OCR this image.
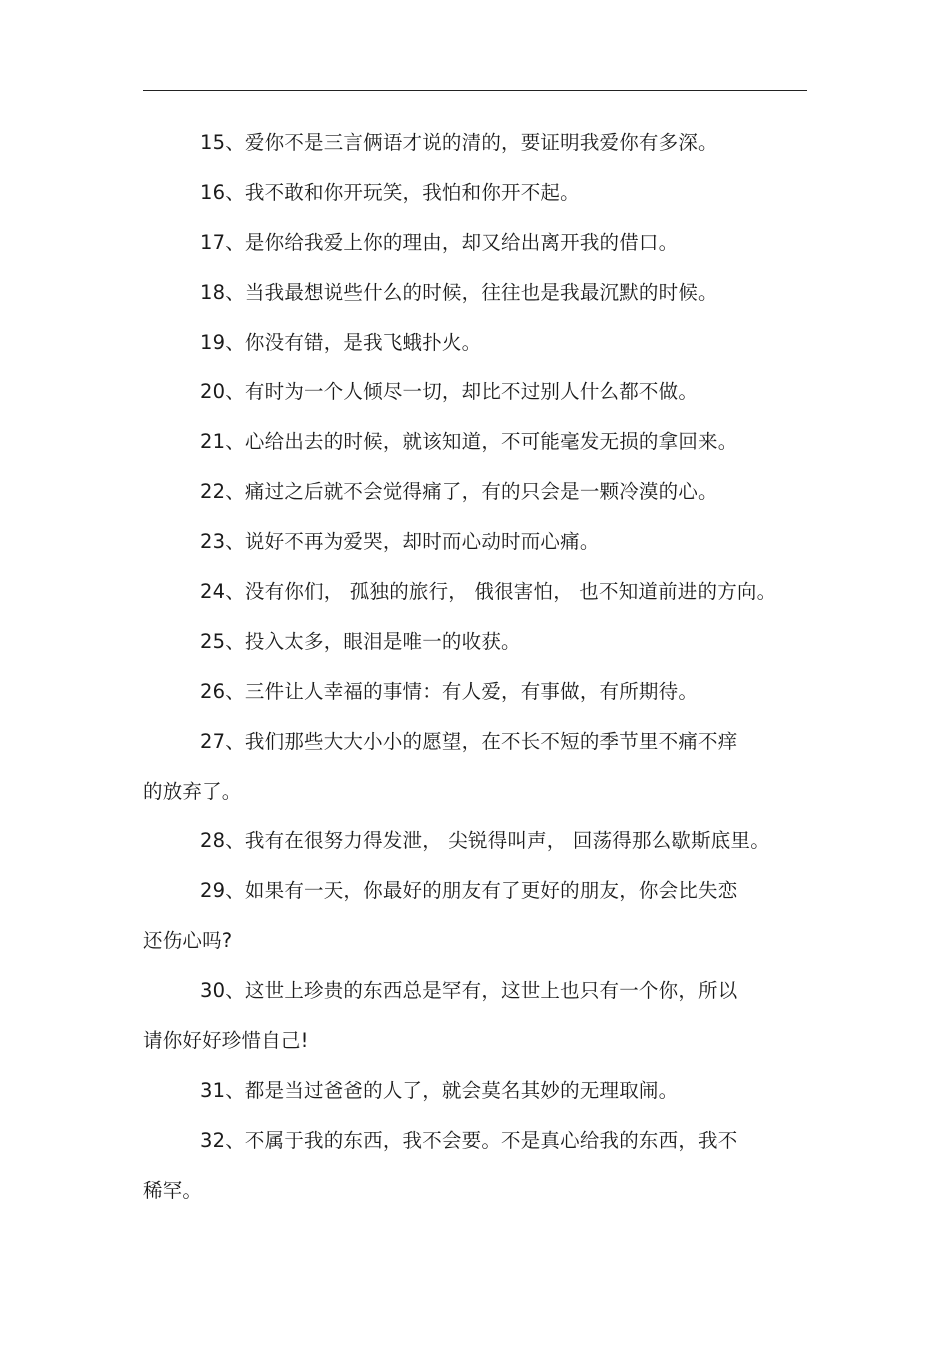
15、爱你不是三言俩语才说的清的，要证明我爱你有多深。
16、我不敢和你开玩笑，我怕和你开不起。
17、是你给我爱上你的理由，却又给出离开我的借口。
18、当我最想说些什么的时候，往往也是我最沉默的时候。
19、你没有错，是我飞蛾扑火。
20、有时为一个人倾尽一切，却比不过别人什么都不做。
21、心给出去的时候，就该知道，不可能毫发无损的拿回来。
22、痛过之后就不会觉得痛了，有的只会是一颗冷漠的心。
23、说好不再为爱哭，却时而心动时而心痛。
24、没有你们， 孤独的旅行， 俄很害怕， 也不知道前进的方向。
25、投入太多，眼泪是唯一的收获。
26、三件让人幸福的事情：有人爱，有事做，有所期待。
27、我们那些大大小小的愿望，在不长不短的季节里不痛不痒
的放弃了。
28、我有在很努力得发泄， 尖锐得叫声， 回荡得那么歇斯底里。
29、如果有一天，你最好的朋友有了更好的朋友，你会比失恋
还伤心吗?
30、这世上珍贵的东西总是罕有，这世上也只有一个你，所以
请你好好珍惜自己!
31、都是当过爸爸的人了，就会莫名其妙的无理取闹。
32、不属于我的东西，我不会要。不是真心给我的东西，我不
稀罕。
